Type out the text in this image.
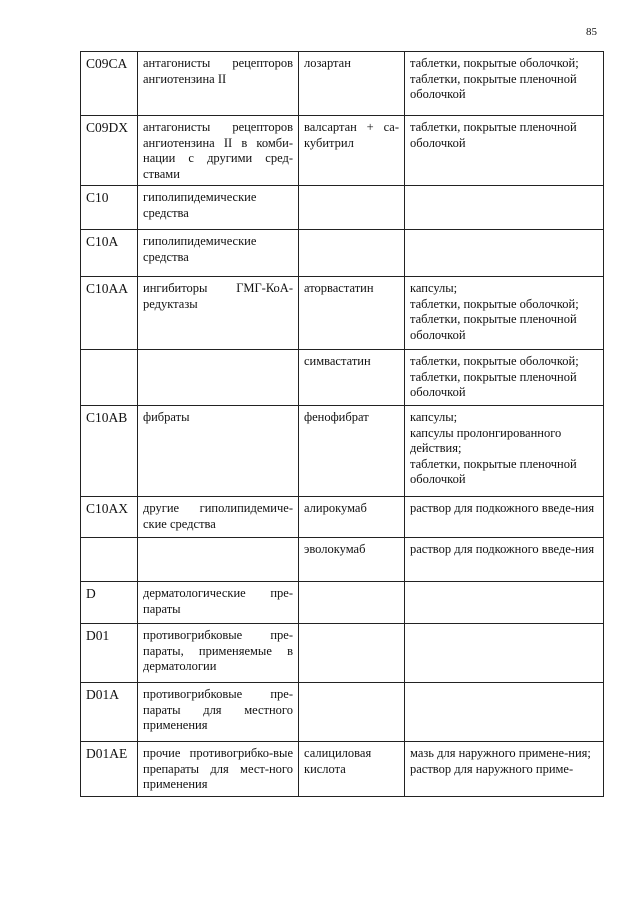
85
C09CA	антагонисты рецепторов ангиотензина II	лозартан	таблетки, покрытые оболочкой;
таблетки, покрытые пленочной оболочкой
C09DX	антагонисты рецепторов ангиотензина II в комби-нации с другими сред-ствами	валсартан + са-кубитрил	таблетки, покрытые пленочной оболочкой
C10	гиполипидемические средства		
C10A	гиполипидемические средства		
C10AA	ингибиторы ГМГ-КоА-редуктазы	аторвастатин	капсулы;
таблетки, покрытые оболочкой;
таблетки, покрытые пленочной оболочкой
		симвастатин	таблетки, покрытые оболочкой;
таблетки, покрытые пленочной оболочкой
C10AB	фибраты	фенофибрат	капсулы;
капсулы пролонгированного действия;
таблетки, покрытые пленочной оболочкой
C10AX	другие гиполипидемиче-ские средства	алирокумаб	раствор для подкожного введе-ния
		эволокумаб	раствор для подкожного введе-ния
D	дерматологические пре-параты		
D01	противогрибковые пре-параты, применяемые в дерматологии		
D01A	противогрибковые пре-параты для местного применения		
D01AE	прочие противогрибко-вые препараты для мест-ного применения	салициловая кислота	мазь для наружного примене-ния;
раствор для наружного приме-
